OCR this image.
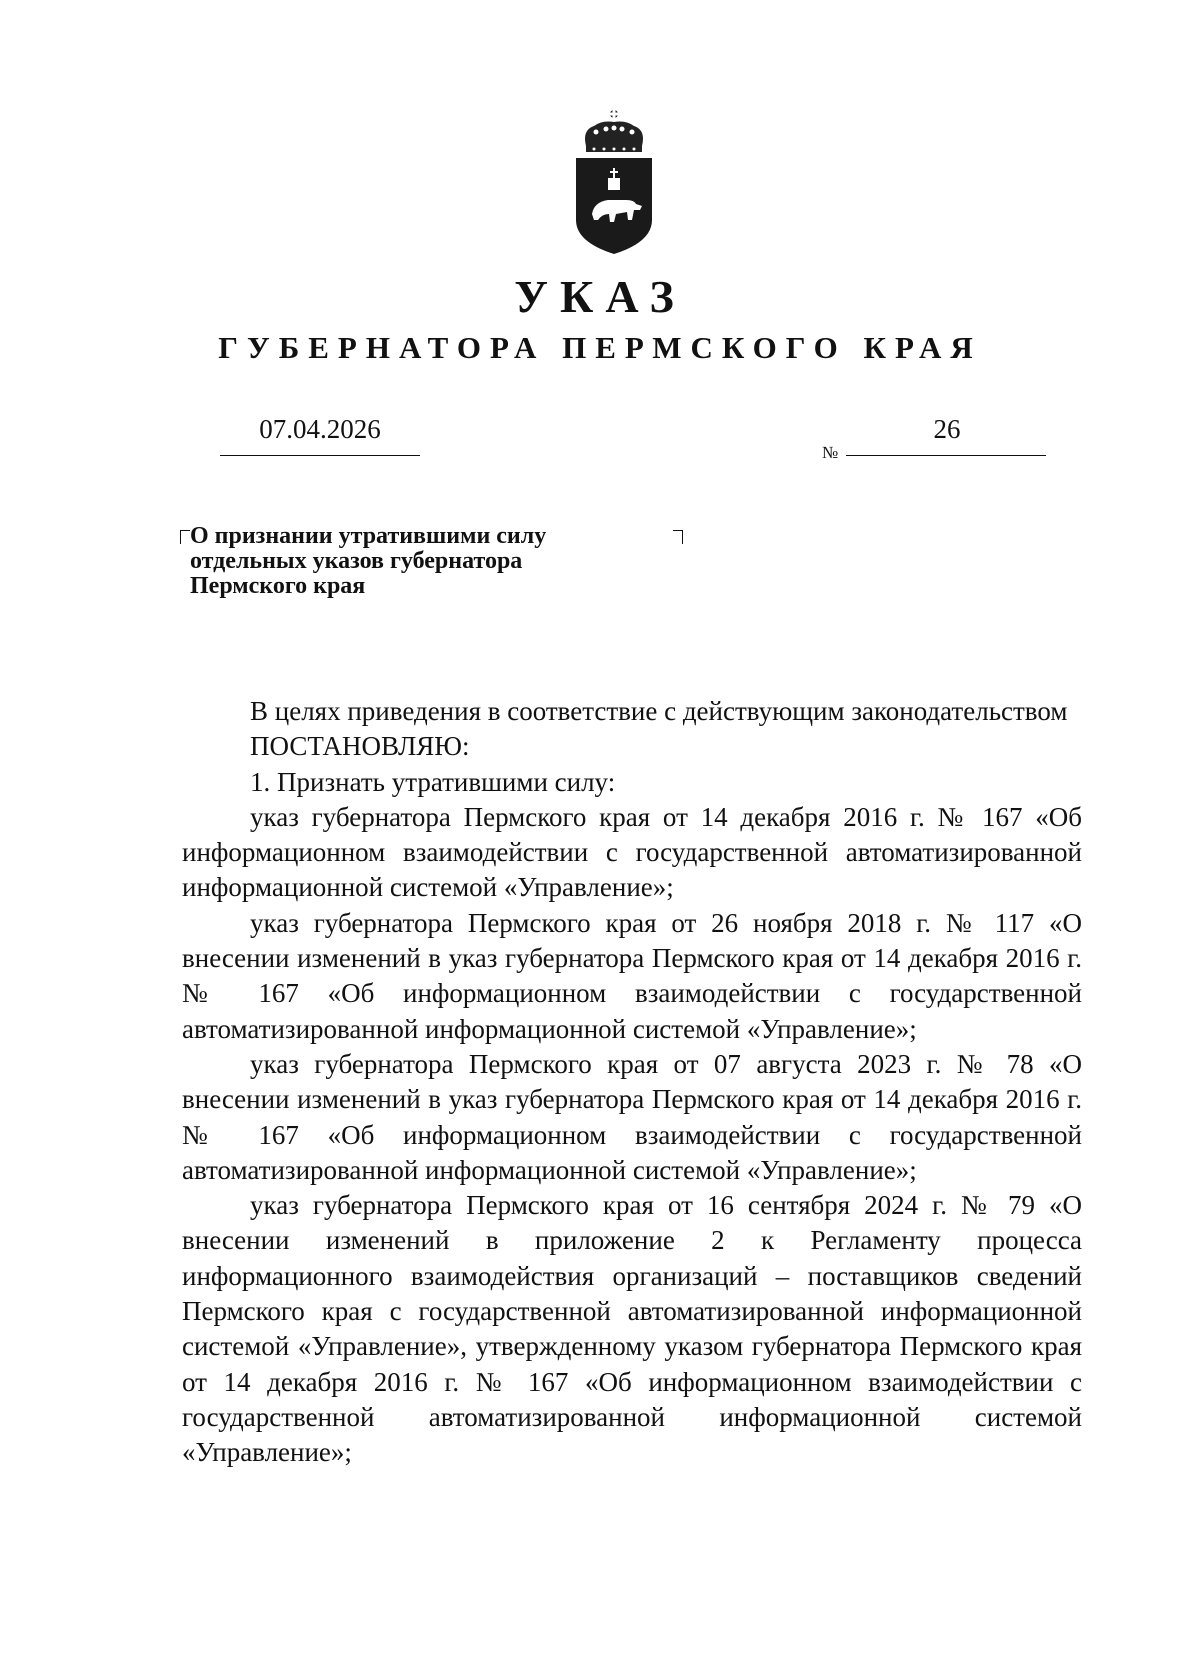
УКАЗ
ГУБЕРНАТОРА ПЕРМСКОГО КРАЯ
07.04.2026
№
26
О признании утратившими силу
отдельных указов губернатора
Пермского края

В целях приведения в соответствие с действующим законодательством

ПОСТАНОВЛЯЮ:

1. Признать утратившими силу:

указ губернатора Пермского края от 14 декабря 2016 г. № 167 «Об информационном взаимодействии с государственной автоматизированной информационной системой «Управление»;

указ губернатора Пермского края от 26 ноября 2018 г. № 117 «О внесении изменений в указ губернатора Пермского края от 14 декабря 2016 г. № 167 «Об информационном взаимодействии с государственной автоматизированной информационной системой «Управление»;

указ губернатора Пермского края от 07 августа 2023 г. № 78 «О внесении изменений в указ губернатора Пермского края от 14 декабря 2016 г. № 167 «Об информационном взаимодействии с государственной автоматизированной информационной системой «Управление»;

указ губернатора Пермского края от 16 сентября 2024 г. № 79 «О внесении изменений в приложение 2 к Регламенту процесса информационного взаимодействия организаций – поставщиков сведений Пермского края с государственной автоматизированной информационной системой «Управление», утвержденному указом губернатора Пермского края от 14 декабря 2016 г. № 167 «Об информационном взаимодействии с государственной автоматизированной информационной системой «Управление»;
